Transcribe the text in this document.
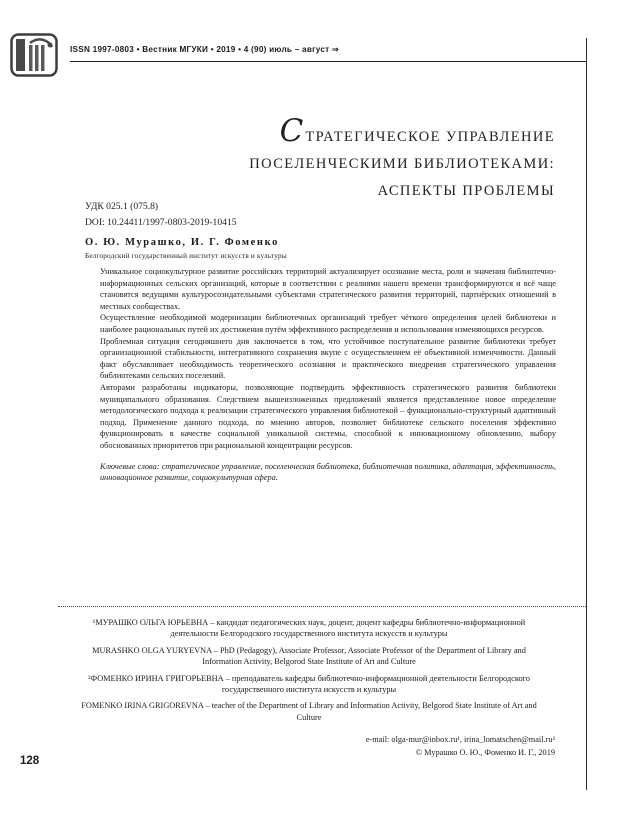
ISSN 1997-0803 • Вестник МГУКИ • 2019 • 4 (90) июль – август ⇒
СТРАТЕГИЧЕСКОЕ УПРАВЛЕНИЕ
ПОСЕЛЕНЧЕСКИМИ БИБЛИОТЕКАМИ:
АСПЕКТЫ ПРОБЛЕМЫ
УДК 025.1 (075.8)
DOI: 10.24411/1997-0803-2019-10415
О. Ю. Мурашко, И. Г. Фоменко
Белгородский государственный институт искусств и культуры

Уникальное социокультурное развитие российских территорий актуализирует осознание места, роли и значения библиотечно-информационных сельских организаций, которые в соответствии с реалиями нашего времени трансформируются и всё чаще становятся ведущими культуросозидательными субъектами стратегического развития территорий, партнёрских отношений в местных сообществах.

Осуществление необходимой модернизации библиотечных организаций требует чёткого определения целей библиотеки и наиболее рациональных путей их достижения путём эффективного распределения и использования изменяющихся ресурсов.

Проблемная ситуация сегодняшнего дня заключается в том, что устойчивое поступательное развитие библиотеки требует организационной стабильности, интегративного сохранения вкупе с осуществлением её объективной изменчивости. Данный факт обуславливает необходимость теоретического осознания и практического внедрения стратегического управления библиотеками сельских поселений.

Авторами разработаны индикаторы, позволяющие подтвердить эффективность стратегического развития библиотеки муниципального образования. Следствием вышеизложенных предложений является представленное новое определение методологического подхода к реализации стратегического управления библиотекой – функционально-структурный адаптивный подход. Применение данного подхода, по мнению авторов, позволяет библиотеке сельского поселения эффективно функционировать в качестве социальной уникальной системы, способной к инновационному обновлению, выбору обоснованных приоритетов при рациональной концентрации ресурсов.

Ключевые слова: стратегическое управление, поселенческая библиотека, библиотечная политика, адаптация, эффективность, инновационное развитие, социокультурная сфера.

¹МУРАШКО ОЛЬГА ЮРЬЕВНА – кандидат педагогических наук, доцент, доцент кафедры библиотечно-информационной деятельности Белгородского государственного института искусств и культуры

MURASHKO OLGA YURYEVNA – PhD (Pedagogy), Associate Professor, Associate Professor of the Department of Library and Information Activity, Belgorod State Institute of Art and Culture

²ФОМЕНКО ИРИНА ГРИГОРЬЕВНА – преподаватель кафедры библиотечно-информационной деятельности Белгородского государственного института искусств и культуры

FOMENKO IRINA GRIGOREVNA – teacher of the Department of Library and Information Activity, Belgorod State Institute of Art and Culture

e-mail: olga-mur@inbox.ru¹, irina_lomatschen@mail.ru²
© Мурашко О. Ю., Фоменко И. Г., 2019
128
